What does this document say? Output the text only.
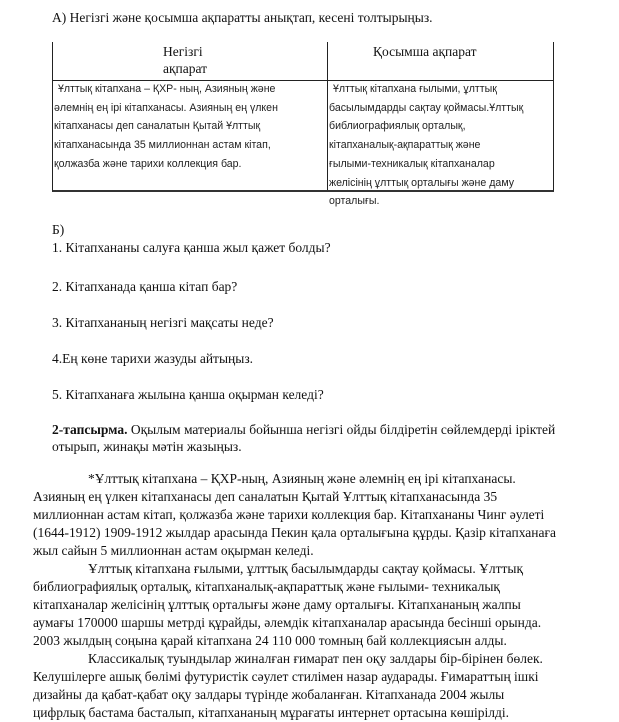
А) Негізгі және қосымша ақпаратты анықтап, кесені толтырыңыз.
Негізгі
ақпарат
Қосымша ақпарат
Ұлттық кітапхана – ҚХР- ның, Азияның және
әлемнің ең ірі кітапханасы. Азияның ең үлкен
кітапханасы деп саналатын Қытай Ұлттық
кітапханасында 35 миллионнан астам кітап,
қолжазба және тарихи коллекция бар.
Ұлттық кітапхана ғылыми, ұлттық
басылымдарды сақтау қоймасы.Ұлттық
библиографиялық орталық,
кітапханалық-ақпараттық және
ғылыми-техникалық кітапханалар
желісінің ұлттық орталығы және даму
орталығы.
Б)
1. Кітапхананы салуға қанша жыл қажет болды?
2. Кітапханада қанша кітап бар?
3. Кітапхананың негізгі мақсаты неде?
4.Ең көне тарихи жазуды айтыңыз.
5. Кітапханаға жылына қанша оқырман келеді?
2-тапсырма. Оқылым материалы бойынша негізгі ойды білдіретін сөйлемдерді іріктей
отырып, жинақы мәтін жазыңыз.
*Ұлттық кітапхана – ҚХР-ның, Азияның және әлемнің ең ірі кітапханасы.
Азияның ең үлкен кітапханасы деп саналатын Қытай Ұлттық кітапханасында 35
миллионнан астам кітап, қолжазба және тарихи коллекция бар. Кітапхананы Чинг әулеті
(1644-1912) 1909-1912 жылдар арасында Пекин қала орталығына құрды. Қазір кітапханаға
жыл сайын 5 миллионнан астам оқырман келеді.
Ұлттық кітапхана ғылыми, ұлттық басылымдарды сақтау қоймасы. Ұлттық
библиографиялық орталық, кітапханалық-ақпараттық және ғылыми- техникалық
кітапханалар желісінің ұлттық орталығы және даму орталығы. Кітапхананың жалпы
аумағы 170000 шаршы метрді құрайды, әлемдік кітапханалар арасында бесінші орында.
2003 жылдың соңына қарай кітапхана 24 110 000 томның бай коллекциясын алды.
Классикалық туындылар жиналған ғимарат пен оқу залдары бір-бірінен бөлек.
Келушілерге ашық бөлімі футуристік сәулет стилімен назар аударады. Ғимараттың ішкі
дизайны да қабат-қабат оқу залдары түрінде жобаланған. Кітапханада 2004 жылы
цифрлық бастама басталып, кітапхананың мұрағаты интернет ортасына көшірілді.
